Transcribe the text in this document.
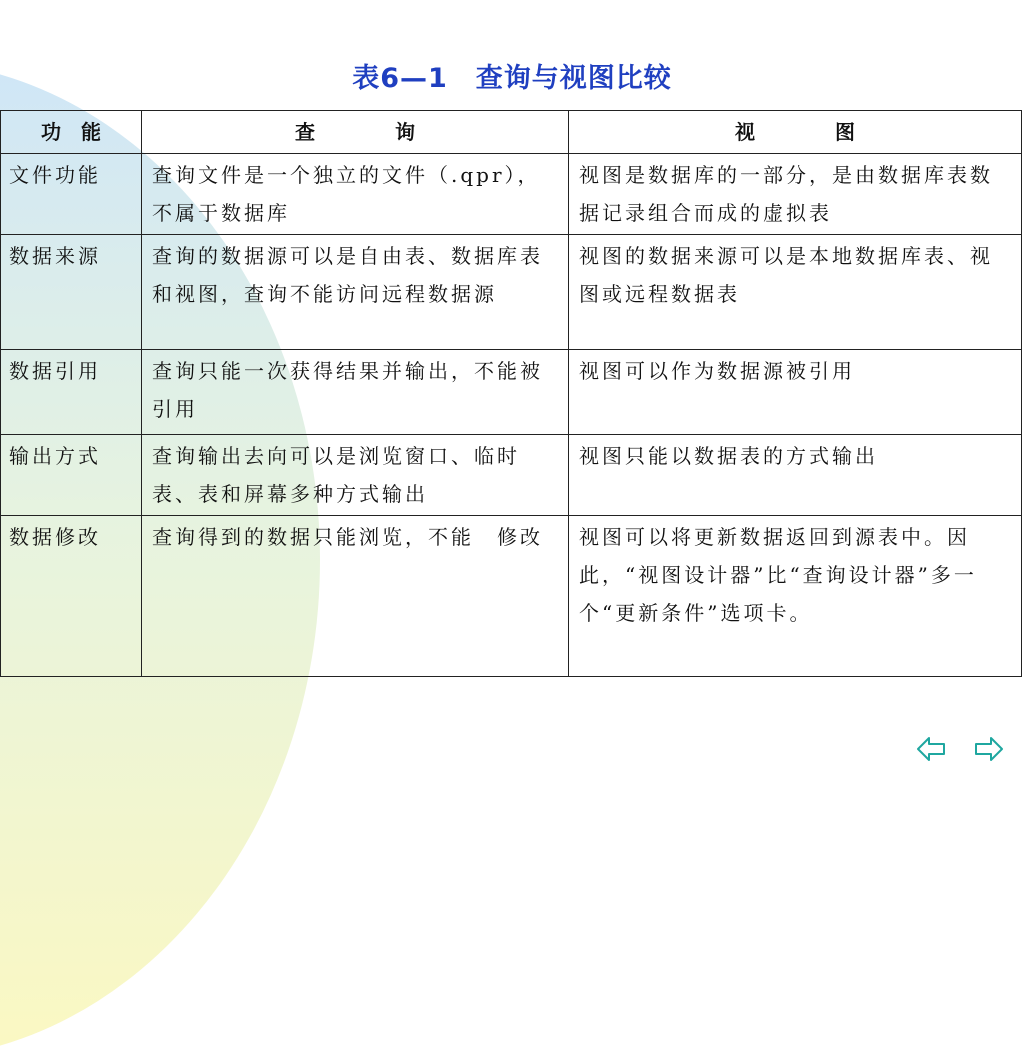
表6—1　查询与视图比较
功　能	查　　　　询	视　　　　图
文件功能	查询文件是一个独立的文件（.qpr），不属于数据库	视图是数据库的一部分，是由数据库表数据记录组合而成的虚拟表
数据来源	查询的数据源可以是自由表、数据库表和视图，查询不能访问远程数据源	视图的数据来源可以是本地数据库表、视图或远程数据表
数据引用	查询只能一次获得结果并输出，不能被引用	视图可以作为数据源被引用
输出方式	查询输出去向可以是浏览窗口、临时表、表和屏幕多种方式输出	视图只能以数据表的方式输出
数据修改	查询得到的数据只能浏览，不能　修改	视图可以将更新数据返回到源表中。因此，“视图设计器”比“查询设计器”多一个“更新条件”选项卡。
